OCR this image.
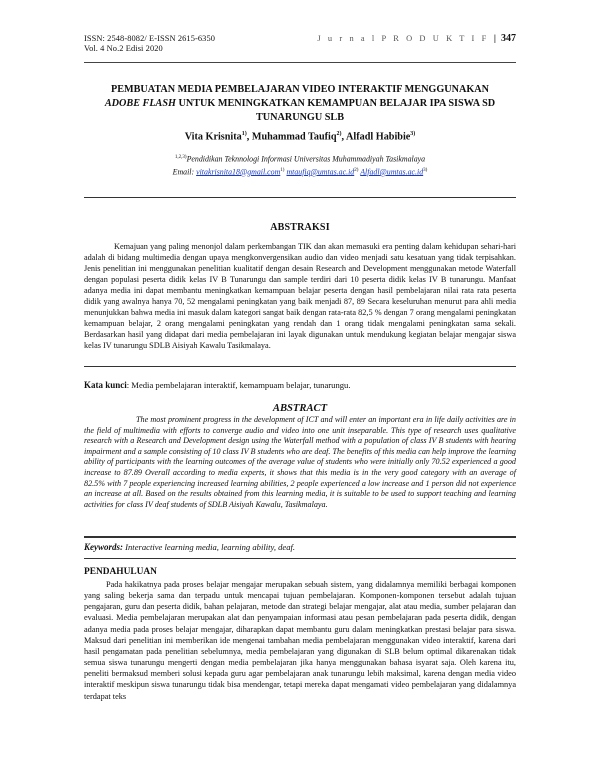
ISSN: 2548-8082/ E-ISSN 2615-6350
Vol. 4 No.2 Edisi 2020
J u r n a l P R O D U K T I F | 347
PEMBUATAN MEDIA PEMBELAJARAN VIDEO INTERAKTIF MENGGUNAKAN
ADOBE FLASH UNTUK MENINGKATKAN KEMAMPUAN BELAJAR IPA SISWA SD
TUNARUNGU SLB
Vita Krisnita$^{1)}$, Muhammad Taufiq$^{2)}$, Alfadl Habibie$^{3)}$
$^{1,2,3)}$Pendidikan Teknnologi Informasi Universitas Muhammadiyah Tasikmalaya
Email: vitakrisnita18@gmail.com$^{1)}$ $mtaufiq@umtas.ac.id^{2)}$ $Alfadl@umtas.ac.id^{3)}$
ABSTRAKSI
Kemajuan yang paling menonjol dalam perkembangan TIK dan akan memasuki era penting dalam kehidupan sehari-hari adalah di bidang multimedia dengan upaya mengkonvergensikan audio dan video menjadi satu kesatuan yang tidak terpisahkan. Jenis penelitian ini menggunakan penelitian kualitatif dengan desain Research and Development menggunakan metode Waterfall dengan populasi peserta didik kelas IV B Tunarungu dan sample terdiri dari 10 peserta didik kelas IV B tunarungu. Manfaat adanya media ini dapat membantu meningkatkan kemampuan belajar peserta dengan hasil pembelajaran nilai rata rata peserta didik yang awalnya hanya 70, 52 mengalami peningkatan yang baik menjadi 87, 89 Secara keseluruhan menurut para ahli media menunjukkan bahwa media ini masuk dalam kategori sangat baik dengan rata-rata 82,5 % dengan 7 orang mengalami peningkatan kemampuan belajar, 2 orang mengalami peningkatan yang rendah dan 1 orang tidak mengalami peningkatan sama sekali. Berdasarkan hasil yang didapat dari media pembelajaran ini layak digunakan untuk mendukung kegiatan belajar mengajar siswa kelas IV tunarungu SDLB Aisiyah Kawalu Tasikmalaya.
Kata kunci: Media pembelajaran interaktif, kemampuam belajar, tunarungu.
ABSTRACT
The most prominent progress in the development of ICT and will enter an important era in life daily activities are in the field of multimedia with efforts to converge audio and video into one unit inseparable. This type of research uses qualitative research with a Research and Development design using the Waterfall method with a population of class IV B students with hearing impairment and a sample consisting of 10 class IV B students who are deaf. The benefits of this media can help improve the learning ability of participants with the learning outcomes of the average value of students who were initially only 70.52 experienced a good increase to 87.89 Overall according to media experts, it shows that this media is in the very good category with an average of 82.5% with 7 people experiencing increased learning abilities, 2 people experienced a low increase and 1 person did not experience an increase at all. Based on the results obtained from this learning media, it is suitable to be used to support teaching and learning activities for class IV deaf students of SDLB Aisiyah Kawalu, Tasikmalaya.
Keywords: Interactive learning media, learning ability, deaf.
PENDAHULUAN
Pada hakikatnya pada proses belajar mengajar merupakan sebuah sistem, yang didalamnya memiliki berbagai komponen yang saling bekerja sama dan terpadu untuk mencapai tujuan pembelajaran. Komponen-komponen tersebut adalah tujuan pengajaran, guru dan peserta didik, bahan pelajaran, metode dan strategi belajar mengajar, alat atau media, sumber pelajaran dan evaluasi. Media pembelajaran merupakan alat dan penyampaian informasi atau pesan pembelajaran pada peserta didik, dengan adanya media pada proses belajar mengajar, diharapkan dapat membantu guru dalam meningkatkan prestasi belajar para siswa. Maksud dari penelitian ini memberikan ide mengenai tambahan media pembelajaran menggunakan video interaktif, karena dari hasil pengamatan pada penelitian sebelumnya, media pembelajaran yang digunakan di SLB belum optimal dikarenakan tidak semua siswa tunarungu mengerti dengan media pembelajaran jika hanya menggunakan bahasa isyarat saja. Oleh karena itu, peneliti bermaksud memberi solusi kepada guru agar pembelajaran anak tunarungu lebih maksimal, karena dengan media video interaktif meskipun siswa tunarungu tidak bisa mendengar, tetapi mereka dapat mengamati video pembelajaran yang didalamnya terdapat teks
